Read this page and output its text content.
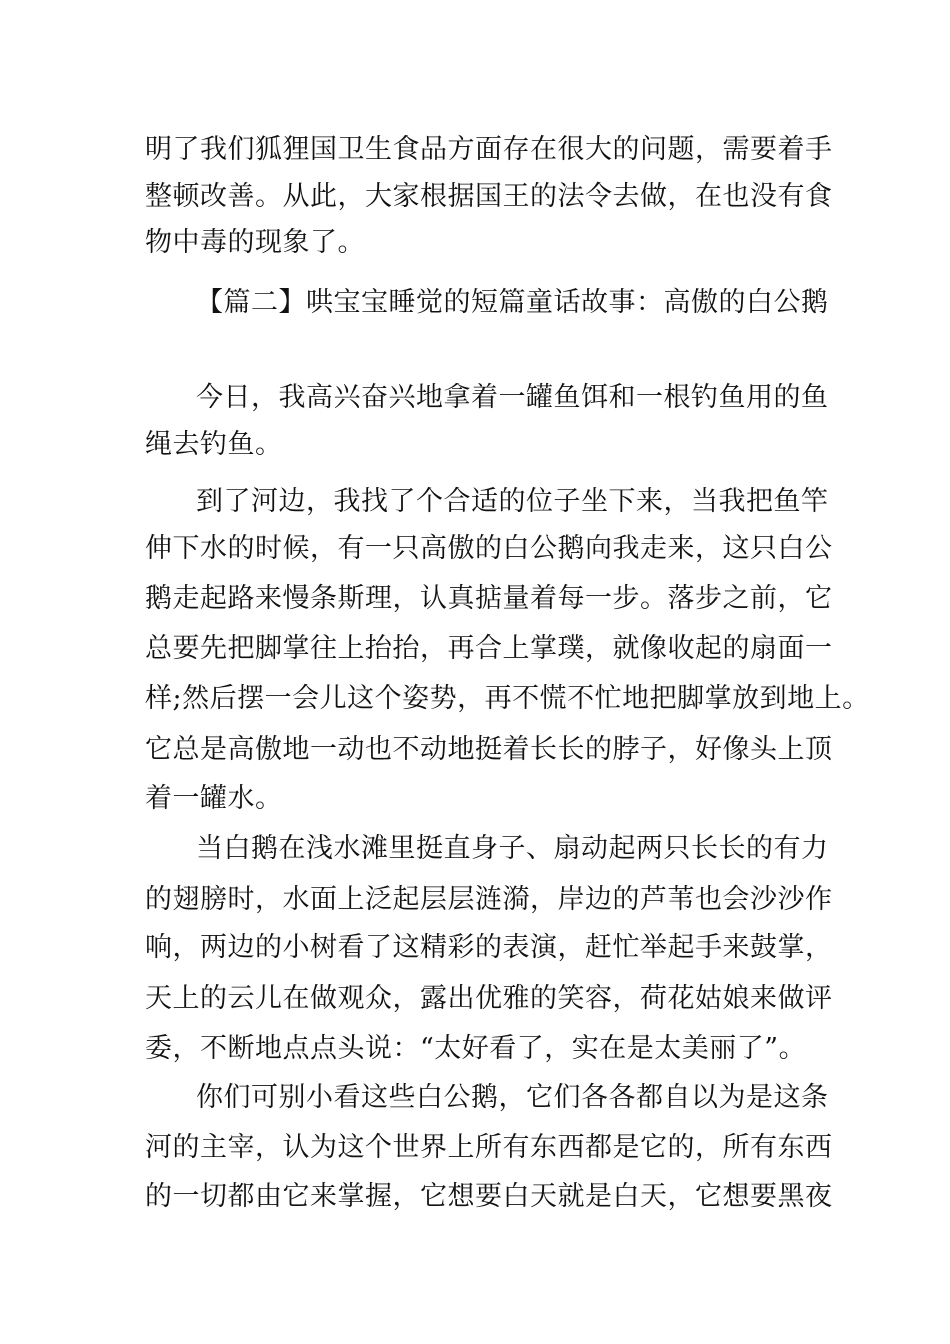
明了我们狐狸国卫生食品方面存在很大的问题，需要着手
整顿改善。从此，大家根据国王的法令去做，在也没有食
物中毒的现象了。
【篇二】哄宝宝睡觉的短篇童话故事：高傲的白公鹅
今日，我高兴奋兴地拿着一罐鱼饵和一根钓鱼用的鱼
绳去钓鱼。
到了河边，我找了个合适的位子坐下来，当我把鱼竿
伸下水的时候，有一只高傲的白公鹅向我走来，这只白公
鹅走起路来慢条斯理，认真掂量着每一步。落步之前，它
总要先把脚掌往上抬抬，再合上掌璞，就像收起的扇面一
样;然后摆一会儿这个姿势，再不慌不忙地把脚掌放到地上。
它总是高傲地一动也不动地挺着长长的脖子，好像头上顶
着一罐水。
当白鹅在浅水滩里挺直身子、扇动起两只长长的有力
的翅膀时，水面上泛起层层涟漪，岸边的芦苇也会沙沙作
响，两边的小树看了这精彩的表演，赶忙举起手来鼓掌，
天上的云儿在做观众，露出优雅的笑容，荷花姑娘来做评
委，不断地点点头说：“太好看了，实在是太美丽了”。
你们可别小看这些白公鹅，它们各各都自以为是这条
河的主宰，认为这个世界上所有东西都是它的，所有东西
的一切都由它来掌握，它想要白天就是白天，它想要黑夜
